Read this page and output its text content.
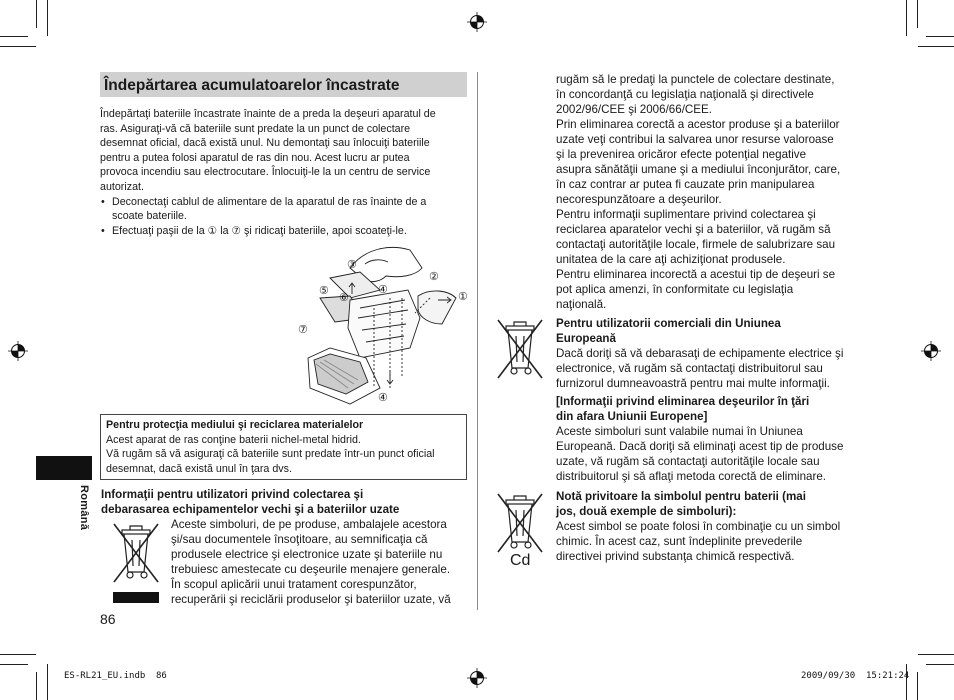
Îndepărtarea acumulatoarelor încastrate
Îndepărtaţi bateriile încastrate înainte de a preda la deşeuri aparatul de
ras. Asiguraţi-vă că bateriile sunt predate la un punct de colectare
desemnat oficial, dacă există unul. Nu demontaţi sau înlocuiţi bateriile
pentru a putea folosi aparatul de ras din nou. Acest lucru ar putea
provoca incendiu sau electrocutare. Înlocuiţi-le la un centru de service
autorizat.
• Deconectaţi cablul de alimentare de la aparatul de ras înainte de a
scoate bateriile.
• Efectuaţi paşii de la ① la ⑦ şi ridicaţi bateriile, apoi scoateţi-le.
①
②
③
④
⑤
⑥
⑦
④
Pentru protecţia mediului şi reciclarea materialelor
Acest aparat de ras conţine baterii nichel-metal hidrid.
Vă rugăm să vă asiguraţi că bateriile sunt predate într-un punct oficial
desemnat, dacă există unul în ţara dvs.
Română Informaţii pentru utilizatori privind colectarea şi
debarasarea echipamentelor vechi şi a bateriilor uzate
Aceste simboluri, de pe produse, ambalajele acestora
şi/sau documentele însoţitoare, au semnificaţia că
produsele electrice şi electronice uzate şi bateriile nu
trebuiesc amestecate cu deşeurile menajere generale.
În scopul aplicării unui tratament corespunzător,
recuperării şi reciclării produselor şi bateriilor uzate, vă
86
rugăm să le predaţi la punctele de colectare destinate,
în concordanţă cu legislaţia naţională şi directivele
2002/96/CEE şi 2006/66/CEE.
Prin eliminarea corectă a acestor produse şi a bateriilor
uzate veţi contribui la salvarea unor resurse valoroase
şi la prevenirea oricăror efecte potenţial negative
asupra sănătăţii umane şi a mediului înconjurător, care,
în caz contrar ar putea fi cauzate prin manipularea
necorespunzătoare a deşeurilor.
Pentru informaţii suplimentare privind colectarea şi
reciclarea aparatelor vechi şi a bateriilor, vă rugăm să
contactaţi autorităţile locale, firmele de salubrizare sau
unitatea de la care aţi achiziţionat produsele.
Pentru eliminarea incorectă a acestui tip de deşeuri se
pot aplica amenzi, în conformitate cu legislaţia
naţională.
Pentru utilizatorii comerciali din Uniunea
Europeană
Dacă doriţi să vă debarasaţi de echipamente electrice şi
electronice, vă rugăm să contactaţi distribuitorul sau
furnizorul dumneavoastră pentru mai multe informaţii.
[Informaţii privind eliminarea deşeurilor în ţări
din afara Uniunii Europene]
Aceste simboluri sunt valabile numai în Uniunea
Europeană. Dacă doriţi să eliminaţi acest tip de produse
uzate, vă rugăm să contactaţi autorităţile locale sau
distribuitorul şi să aflaţi metoda corectă de eliminare.
Cd
Notă privitoare la simbolul pentru baterii (mai
jos, două exemple de simboluri):
Acest simbol se poate folosi în combinaţie cu un simbol
chimic. În acest caz, sunt îndeplinite prevederile
directivei privind substanţa chimică respectivă.
ES-RL21_EU.indb 86	2009/09/30 15:21:24
